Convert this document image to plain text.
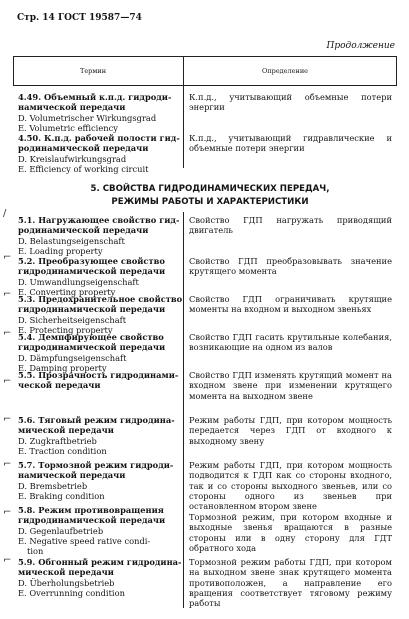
Стр. 14 ГОСТ 19587—74
Продолжение
Термин	Определение
4.49. Объемный к.п.д. гидроди-
намической передачи
D. Volumetrischer Wirkungsgrad
E. Volumetric efficiency
К.п.д., учитывающий объемные потери энергии
4.50. К.п.д. рабочей полости гид-
родинамической передачи
D. Kreislaufwirkungsgrad
E. Efficiency of working circuit
К.п.д., учитывающий гидравлические и объемные потери энергии
5. СВОЙСТВА ГИДРОДИНАМИЧЕСКИХ ПЕРЕДАЧ,
РЕЖИМЫ РАБОТЫ И ХАРАКТЕРИСТИКИ
/
⌐
⌐
⌐
⌐
⌐
⌐
⌐
⌐
5.1. Нагружающее свойство гид-
родинамической передачи
D. Belastungseigenschaft
E. Loading property
Свойство ГДП нагружать приводящий двигатель
5.2. Преобразующее свойство
гидродинамической передачи
D. Umwandlungseigenschaft
E. Converting property
Свойство ГДП преобразовывать значение крутящего момента
5.3. Предохранительное свойство
гидродинамической передачи
D. Sicherheitseigenschaft
E. Protecting property
Свойство ГДП ограничивать крутящие моменты на входном и выходном звеньях
5.4. Демпфирующее свойство
гидродинамической передачи
D. Dämpfungseigenschaft
E. Damping property
Свойство ГДП гасить крутильные колебания, возникающие на одном из валов
5.5. Прозрачность гидродинами-
ческой передачи
Свойство ГДП изменять крутящий момент на входном звене при изменении крутящего момента на выходном звене
5.6. Тяговый режим гидродина-
мической передачи
D. Zugkraftbetrieb
E. Traction condition
Режим работы ГДП, при котором мощность передается через ГДП от входного к выходному звену
5.7. Тормозной режим гидроди-
намической передачи
D. Bremsbetrieb
E. Braking condition
Режим работы ГДП, при котором мощность подводится к ГДП как со стороны входного, так и со стороны выходного звеньев, или со стороны одного из звеньев при остановленном втором звене
5.8. Режим противовращения
гидродинамической передачи
D. Gegenlaufbetrieb
E. Negative speed rative condi-
tion
Тормозной режим, при котором входные и выходные звенья вращаются в разные стороны или в одну сторону для ГДТ обратного хода
5.9. Обгонный режим гидродина-
мической передачи
D. Überholungsbetrieb
E. Overrunning condition
Тормозной режим работы ГДП, при котором на выходном звене знак крутящего момента противоположен, а направление его вращения соответствует тяговому режиму работы
